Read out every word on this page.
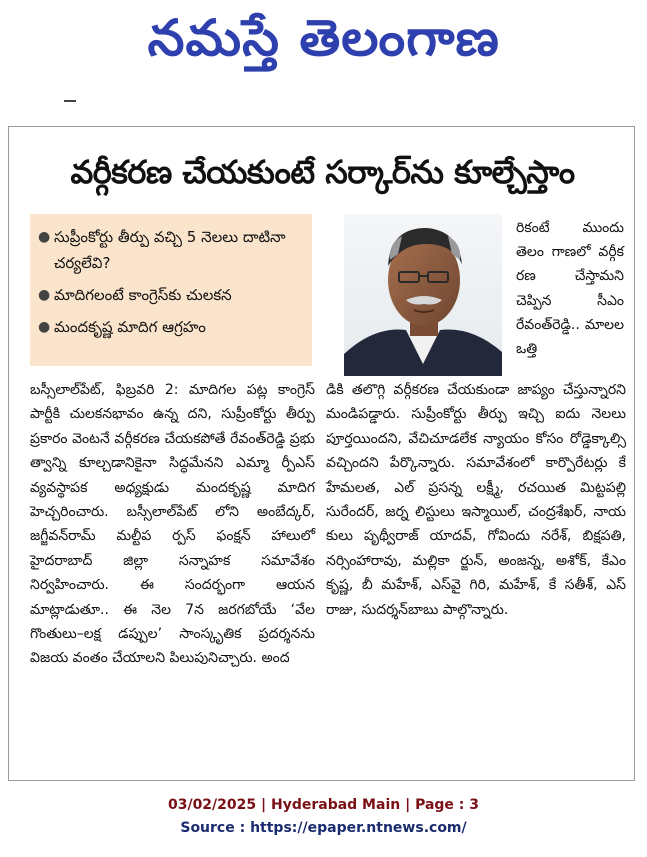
నమస్తే తెలంగాణ
వర్గీకరణ చేయకుంటే సర్కార్‌ను కూల్చేస్తాం
● సుప్రీంకోర్టు తీర్పు వచ్చి 5 నెలలు దాటినా చర్యలేవి?
● మాదిగలంటే కాంగ్రెస్‌కు చులకన
● మందకృష్ణ మాదిగ ఆగ్రహం
బస్సీలాల్‌పేట్‌, ఫిబ్రవరి 2: మాదిగల పట్ల కాంగ్రెస్‌ పార్టీకి చులకనభావం ఉన్న దని, సుప్రీంకోర్టు తీర్పు ప్రకారం వెంటనే వర్గీకరణ చేయకపోతే రేవంత్‌రెడ్డి ప్రభు త్వాన్ని కూల్చడానికైనా సిద్ధమేనని ఎమ్మా ర్పీఎస్‌ వ్యవస్థాపక అధ్యక్షుడు మందకృష్ణ మాదిగ హెచ్చరించారు. బస్సీలాల్‌పేట్‌ లోని అంబేద్కర్‌, జగ్జీవన్‌రామ్‌ మల్టీప ర్పస్‌ ఫంక్షన్‌ హాలులో హైదరాబాద్‌ జిల్లా సన్నాహక సమావేశం నిర్వహించారు. ఈ సందర్భంగా ఆయన మాట్లాడుతూ.. ఈ నెల 7న జరగబోయే ‘వేల గొంతులు–లక్ష డప్పుల’ సాంస్కృతిక ప్రదర్శనను విజయ వంతం చేయాలని పిలుపునిచ్చారు. అంద
రికంటే ముందు తెలం గాణలో వర్గీక రణ చేస్తామని చెప్పిన సీఎం రేవంత్‌రెడ్డి.. మాలల ఒత్తి
డికి తలొగ్గి వర్గీకరణ చేయకుండా జాప్యం చేస్తున్నారని మండిపడ్డారు. సుప్రీంకోర్టు తీర్పు ఇచ్చి ఐదు నెలలు పూర్తయిందని, వేచిచూడలేక న్యాయం కోసం రోడ్డెక్కాల్సి వచ్చిందని పేర్కొన్నారు. సమావేశంలో కార్పొరేటర్లు కే హేమలత, ఎల్‌ ప్రసన్న లక్ష్మీ, రచయిత మిట్టపల్లి సురేందర్‌, జర్న లిస్టులు ఇస్మాయిల్‌, చంద్రశేఖర్‌, నాయ కులు పృథ్వీరాజ్‌ యాదవ్‌, గోవిందు నరేశ్‌, బిక్షపతి, నర్సింహారావు, మల్లికా ర్జున్‌, అంజన్న, అశోక్‌, కేఎం కృష్ణ, బీ మహేశ్‌, ఎస్‌వై గిరి, మహేశ్‌, కే సతీశ్‌, ఎస్‌ రాజు, సుదర్శన్‌బాబు పాల్గొన్నారు.
03/02/2025 | Hyderabad Main | Page : 3
Source : https://epaper.ntnews.com/
